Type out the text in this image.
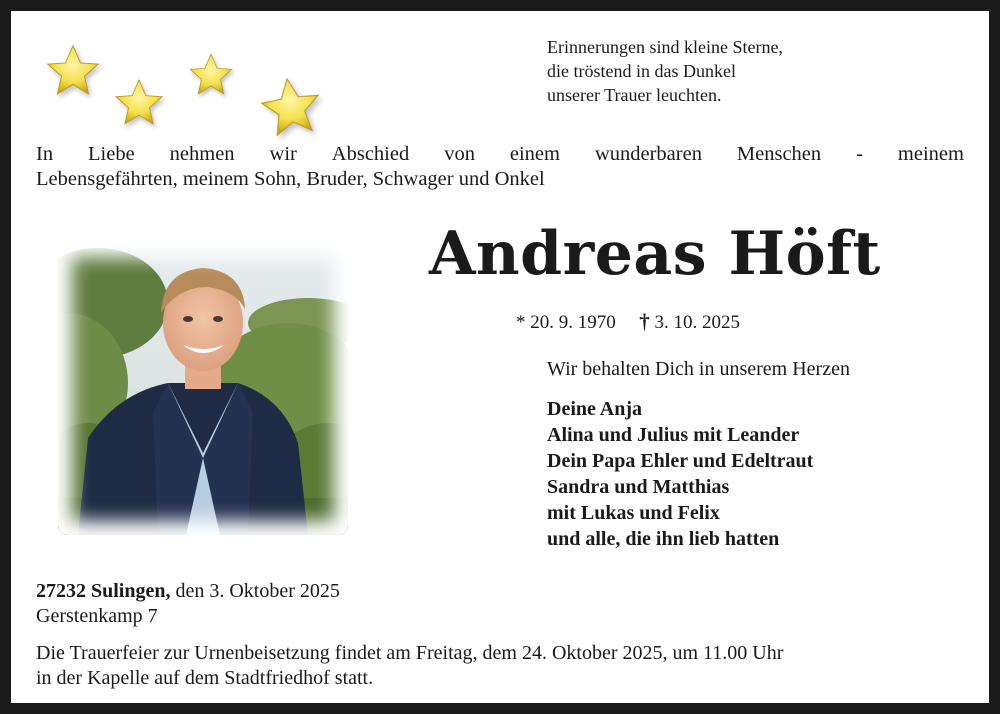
Erinnerungen sind kleine Sterne,
die tröstend in das Dunkel
unserer Trauer leuchten.
In Liebe nehmen wir Abschied von einem wunderbaren Menschen - meinem
Lebensgefährten, meinem Sohn, Bruder, Schwager und Onkel
Andreas Höft
* 20. 9. 1970 † 3. 10. 2025
Wir behalten Dich in unserem Herzen
Deine Anja
Alina und Julius mit Leander
Dein Papa Ehler und Edeltraut
Sandra und Matthias
mit Lukas und Felix
und alle, die ihn lieb hatten
27232 Sulingen, den 3. Oktober 2025
Gerstenkamp 7
Die Trauerfeier zur Urnenbeisetzung findet am Freitag, dem 24. Oktober 2025, um 11.00 Uhr
in der Kapelle auf dem Stadtfriedhof statt.
